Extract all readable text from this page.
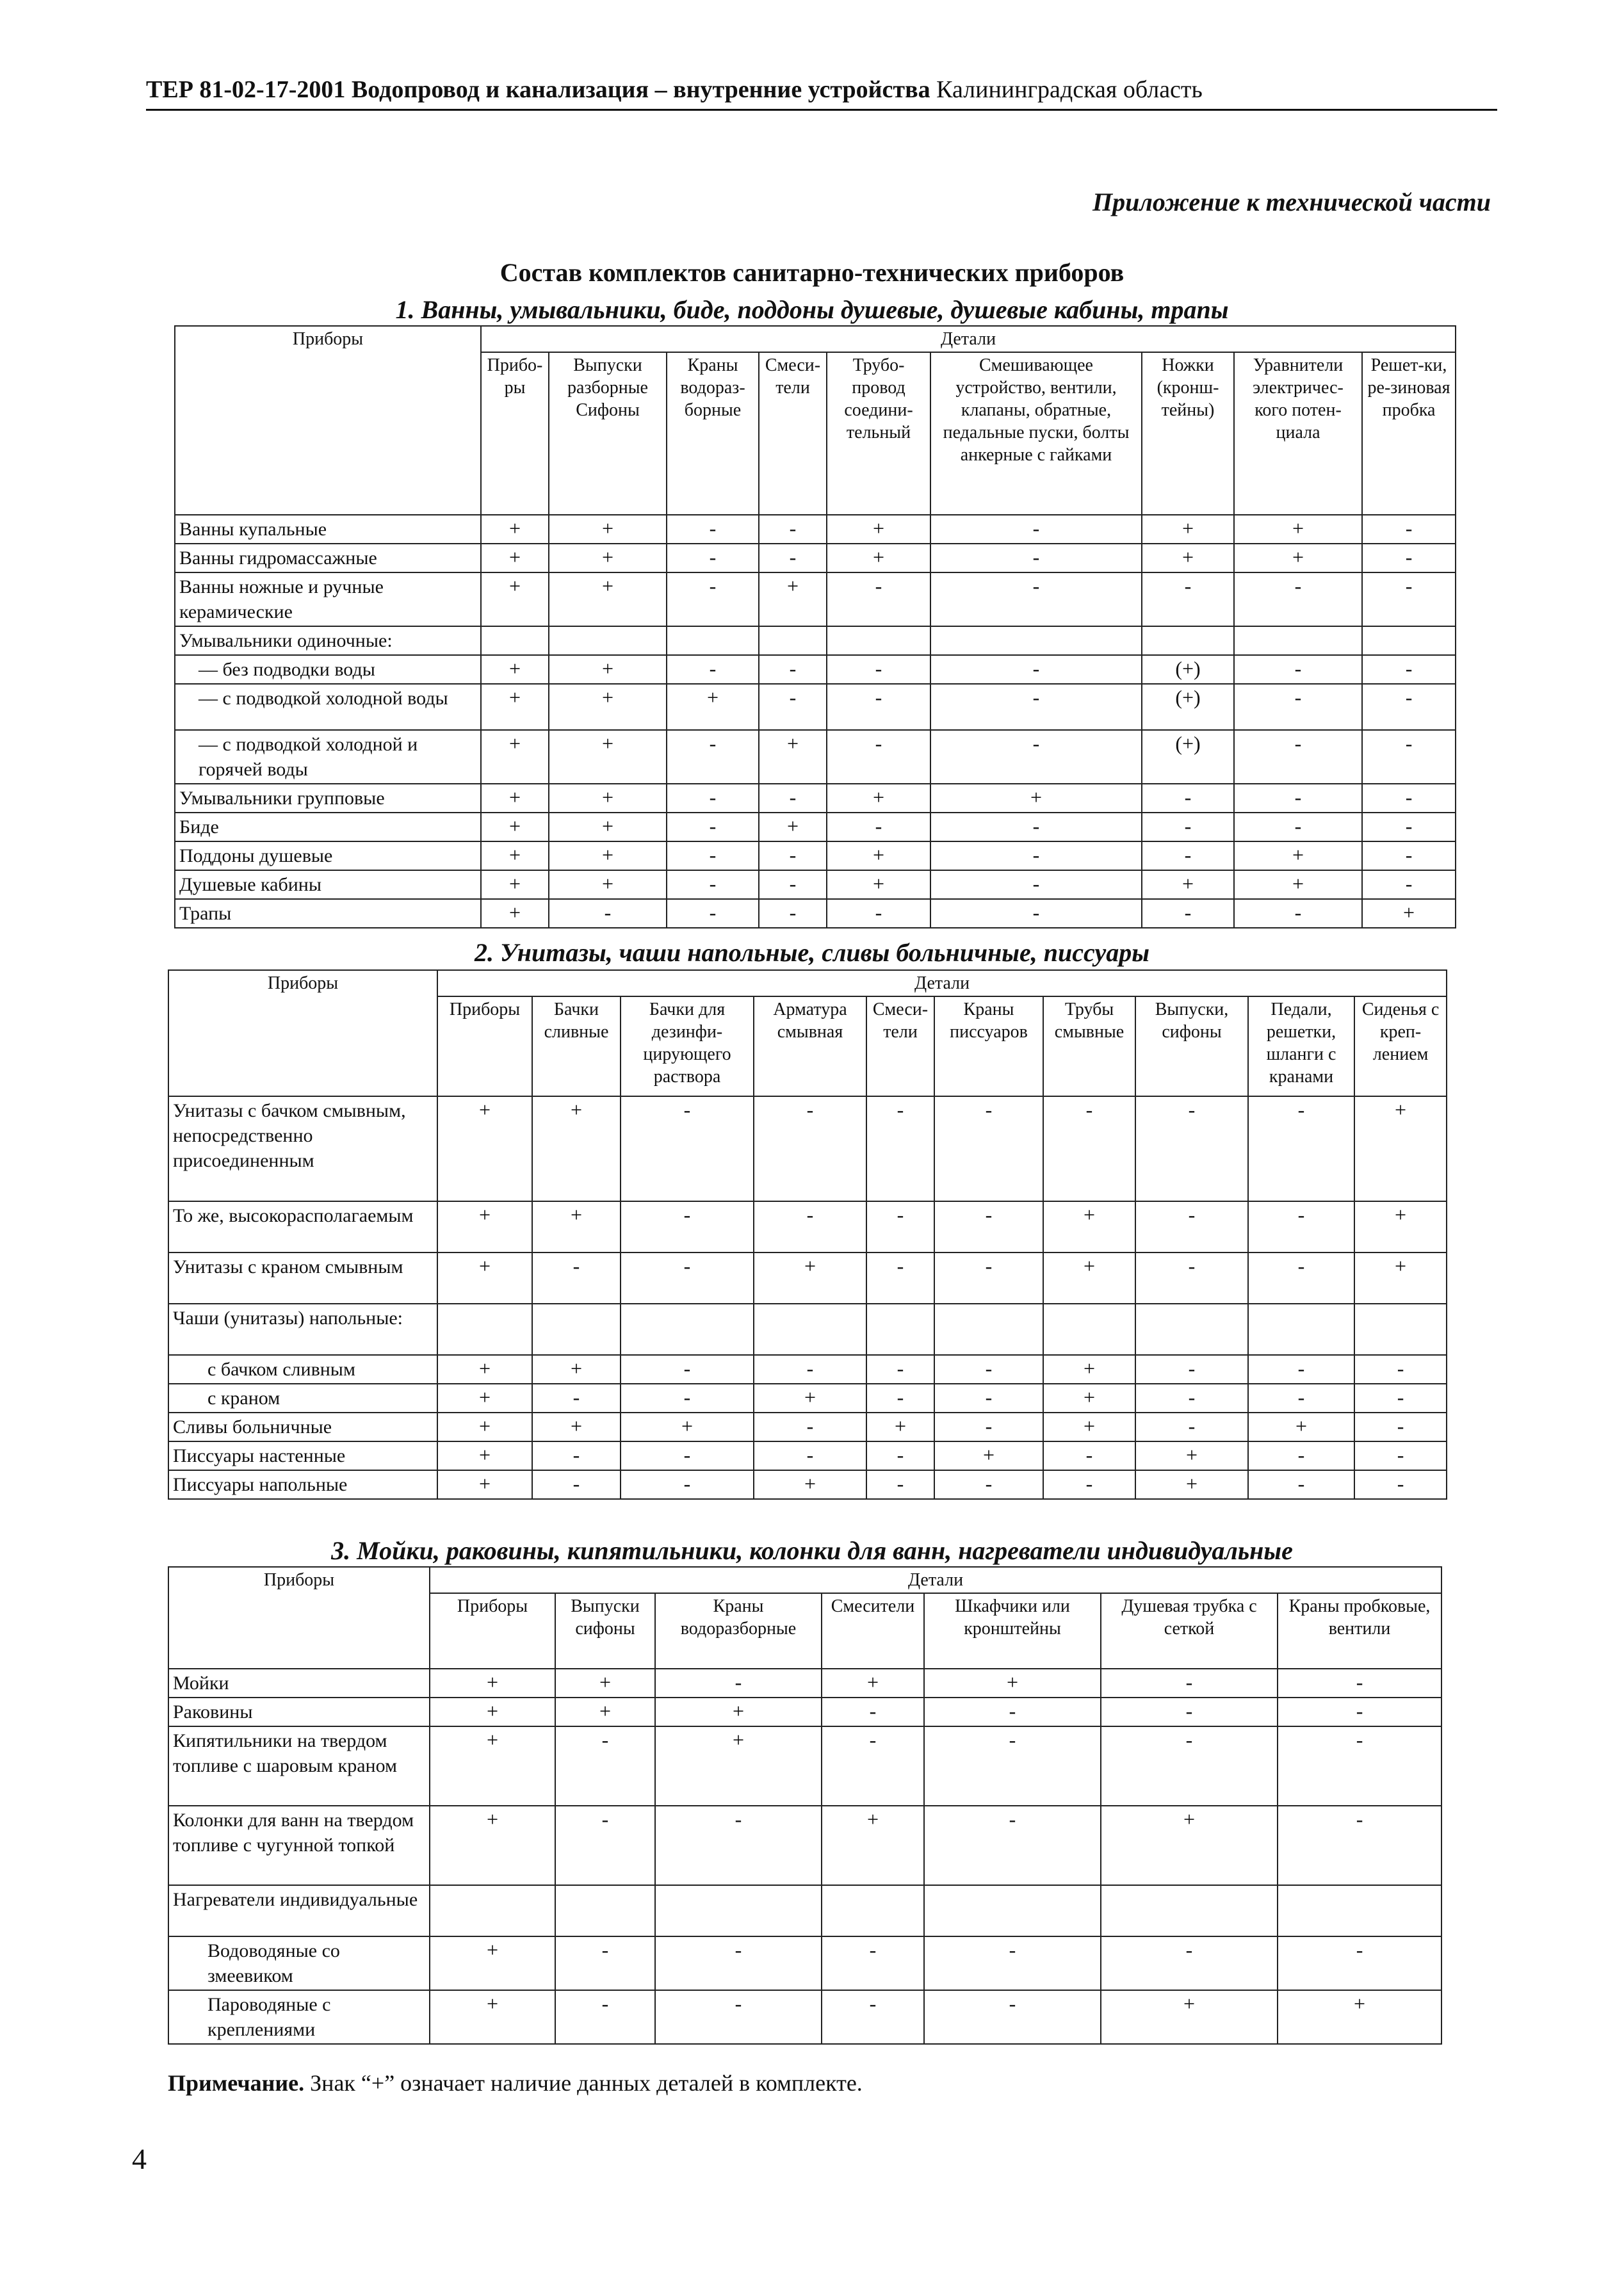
ТЕР 81-02-17-2001 Водопровод и канализация – внутренние устройства Калининградская область
Приложение к технической части
Состав комплектов санитарно-технических приборов
1. Ванны, умывальники, биде, поддоны душевые, душевые кабины, трапы
Приборы	Детали								
	Прибо-ры	Выпуски разборные Сифоны	Краны водораз-борные	Смеси-тели	Трубо-провод соедини-тельный	Смешивающее устройство, вентили, клапаны, обратные, педальные пуски, болты анкерные с гайками	Ножки (кронш-тейны)	Уравнители электричес-кого потен-циала	Решет-ки, ре-зиновая пробка
Ванны купальные	+	+	-	-	+	-	+	+	-
Ванны гидромассажные	+	+	-	-	+	-	+	+	-
Ванны ножные и ручные керамические	+	+	-	+	-	-	-	-	-
Умывальники одиночные:									
— без подводки воды	+	+	-	-	-	-	(+)	-	-
— с подводкой холодной воды	+	+	+	-	-	-	(+)	-	-
— с подводкой холодной и горячей воды	+	+	-	+	-	-	(+)	-	-
Умывальники групповые	+	+	-	-	+	+	-	-	-
Биде	+	+	-	+	-	-	-	-	-
Поддоны душевые	+	+	-	-	+	-	-	+	-
Душевые кабины	+	+	-	-	+	-	+	+	-
Трапы	+	-	-	-	-	-	-	-	+
2. Унитазы, чаши напольные, сливы больничные, писсуары
Приборы	Детали									
	Приборы	Бачки сливные	Бачки для дезинфи-цирующего раствора	Арматура смывная	Смеси-тели	Краны писсуаров	Трубы смывные	Выпуски, сифоны	Педали, решетки, шланги с кранами	Сиденья с креп-лением
Унитазы с бачком смывным, непосредственно присоединенным	+	+	-	-	-	-	-	-	-	+
То же, высокорасполагаемым	+	+	-	-	-	-	+	-	-	+
Унитазы с краном смывным	+	-	-	+	-	-	+	-	-	+
Чаши (унитазы) напольные:										
с бачком сливным	+	+	-	-	-	-	+	-	-	-
с краном	+	-	-	+	-	-	+	-	-	-
Сливы больничные	+	+	+	-	+	-	+	-	+	-
Писсуары настенные	+	-	-	-	-	+	-	+	-	-
Писсуары напольные	+	-	-	+	-	-	-	+	-	-
3. Мойки, раковины, кипятильники, колонки для ванн, нагреватели индивидуальные
Приборы	Детали						
	Приборы	Выпуски сифоны	Краны водоразборные	Смесители	Шкафчики или кронштейны	Душевая трубка с сеткой	Краны пробковые, вентили
Мойки	+	+	-	+	+	-	-
Раковины	+	+	+	-	-	-	-
Кипятильники на твердом топливе с шаровым краном	+	-	+	-	-	-	-
Колонки для ванн на твердом топливе с чугунной топкой	+	-	-	+	-	+	-
Нагреватели индивидуальные							
Водоводяные со змеевиком	+	-	-	-	-	-	-
Пароводяные с креплениями	+	-	-	-	-	+	+
Примечание. Знак “+” означает наличие данных деталей в комплекте.
4
